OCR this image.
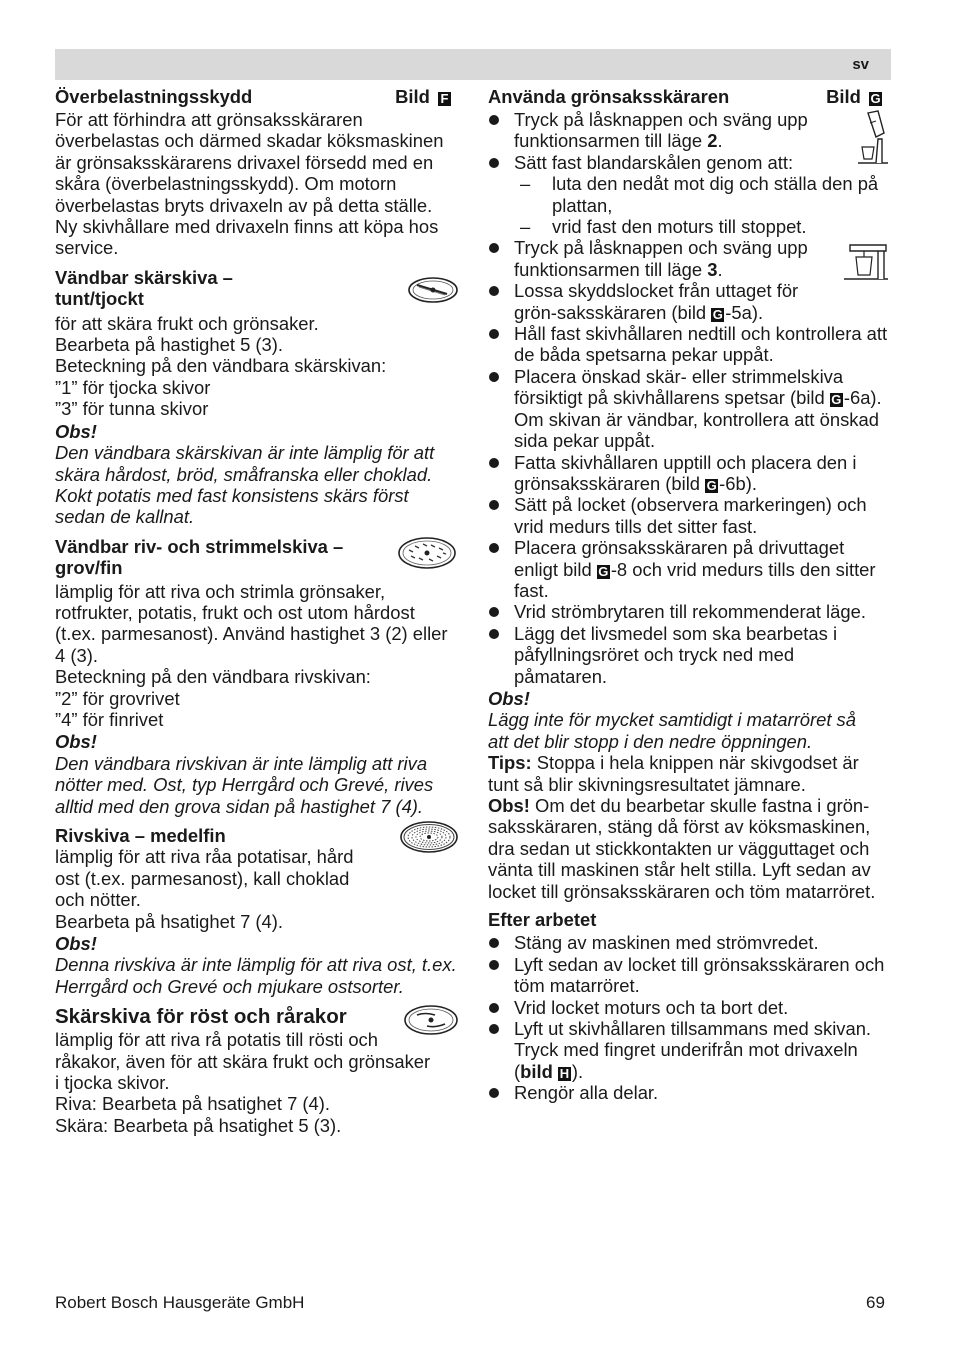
sv
Överbelastningsskydd	Bild F

För att förhindra att grönsaksskäraren överbelastas och därmed skadar köksmaskinen är grönsaksskärarens drivaxel försedd med en skåra (överbelastningsskydd). Om motorn överbelastas bryts drivaxeln av på detta ställe. Ny skivhållare med drivaxeln finns att köpa hos service.

Vändbar skärskiva –
tunt/tjockt

för att skära frukt och grönsaker.

Bearbeta på hastighet 5 (3).

Beteckning på den vändbara skärskivan:

”1” för tjocka skivor

”3” för tunna skivor

Obs!

Den vändbara skärskivan är inte lämplig för att skära hårdost, bröd, småfranska eller choklad. Kokt potatis med fast konsistens skärs först sedan de kallnat.

Vändbar riv- och strimmelskiva –
grov/fin

lämplig för att riva och strimla grönsaker, rotfrukter, potatis, frukt och ost utom hårdost (t.ex. parmesanost). Använd hastighet 3 (2) eller 4 (3).

Beteckning på den vändbara rivskivan:

”2” för grovrivet

”4” för finrivet

Obs!

Den vändbara rivskivan är inte lämplig att riva nötter med. Ost, typ Herrgård och Grevé, rives alltid med den grova sidan på hastighet 7 (4).

Rivskiva – medelfin

lämplig för att riva råa potatisar, hård

ost (t.ex. parmesanost), kall choklad

och nötter.

Bearbeta på hsatighet 7 (4).

Obs!

Denna rivskiva är inte lämplig för att riva ost, t.ex. Herrgård och Grevé och mjukare ostsorter.

Skärskiva för röst och rårakor

lämplig för att riva rå potatis till rösti och

råkakor, även för att skära frukt och grönsaker

i tjocka skivor.

Riva: Bearbeta på hsatighet 7 (4).

Skära: Bearbeta på hsatighet 5 (3).

Använda grönsaksskäraren	Bild G
Tryck på låsknappen och sväng upp funktionsarmen till läge 2.
Sätt fast blandarskålen genom att:
– luta den nedåt mot dig och ställa den på plattan,
– vrid fast den moturs till stoppet.
Tryck på låsknappen och sväng upp funktionsarmen till läge 3.
Lossa skyddslocket från uttaget för grön-saksskäraren (bild G -5a).
Håll fast skivhållaren nedtill och kontrollera att de båda spetsarna pekar uppåt.
Placera önskad skär- eller strimmelskiva försiktigt på skivhållarens spetsar (bild G -6a). Om skivan är vändbar, kontrollera att önskad sida pekar uppåt.
Fatta skivhållaren upptill och placera den i grönsaksskäraren (bild G -6b).
Sätt på locket (observera markeringen) och vrid medurs tills det sitter fast.
Placera grönsaksskäraren på drivuttaget enligt bild G -8 och vrid medurs tills den sitter fast.
Vrid strömbrytaren till rekommenderat läge.
Lägg det livsmedel som ska bearbetas i påfyllningsröret och tryck ned med påmataren.

Obs!

Lägg inte för mycket samtidigt i matarröret så att det blir stopp i den nedre öppningen.

Tips: Stoppa i hela knippen när skivgodset är tunt så blir skivningsresultatet jämnare.

Obs! Om det du bearbetar skulle fastna i grön-saksskäraren, stäng då först av köksmaskinen, dra sedan ut stickkontakten ur vägguttaget och vänta till maskinen står helt stilla. Lyft sedan av locket till grönsaksskäraren och töm matarröret.

Efter arbetet

Stäng av maskinen med strömvredet.
Lyft sedan av locket till grönsaksskäraren och töm matarröret.
Vrid locket moturs och ta bort det.
Lyft ut skivhållaren tillsammans med skivan. Tryck med fingret underifrån mot drivaxeln (bild H ).
Rengör alla delar.
Robert Bosch Hausgeräte GmbH	69
